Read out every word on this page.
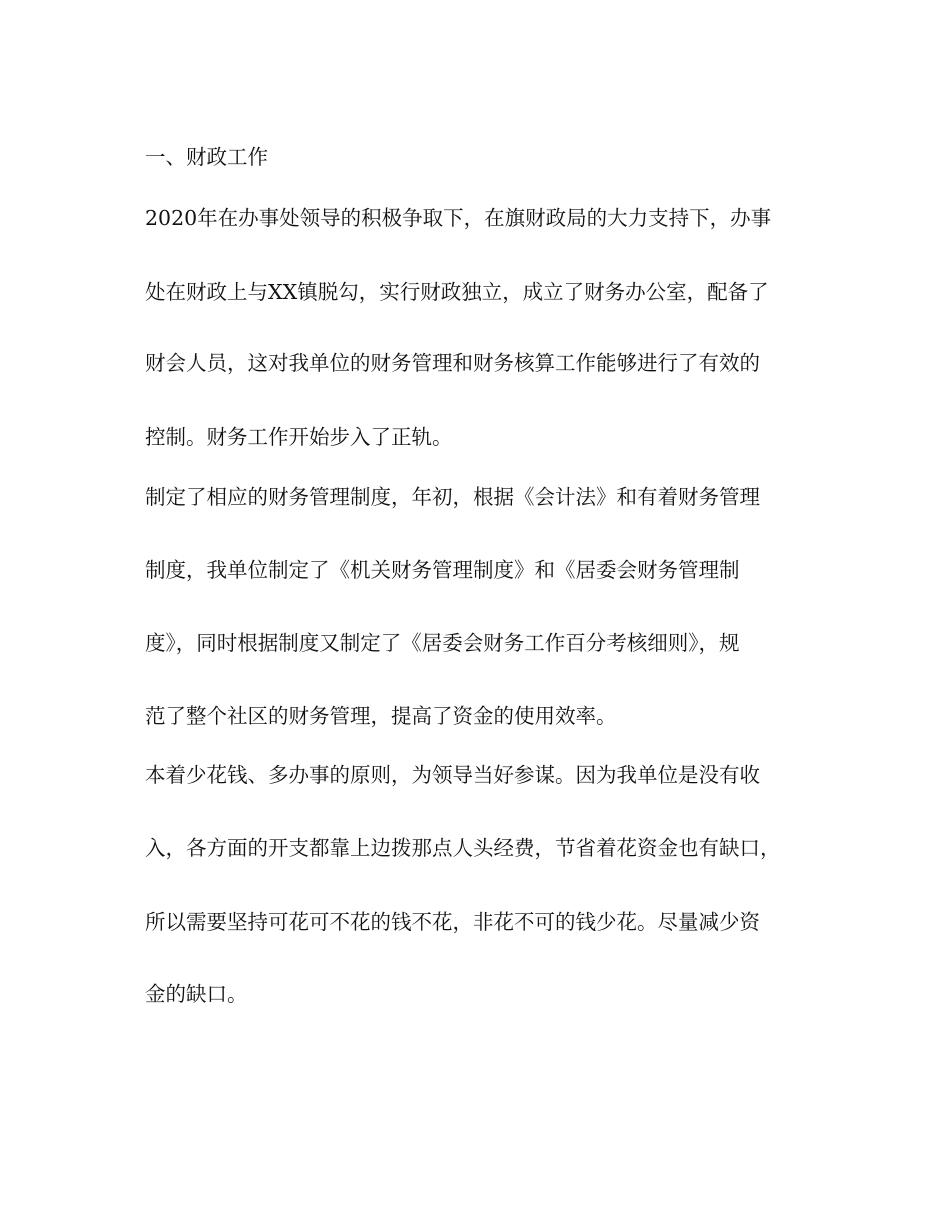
一、财政工作
2020年在办事处领导的积极争取下，在旗财政局的大力支持下，办事
处在财政上与XX镇脱勾，实行财政独立，成立了财务办公室，配备了
财会人员，这对我单位的财务管理和财务核算工作能够进行了有效的
控制。财务工作开始步入了正轨。
制定了相应的财务管理制度，年初，根据《会计法》和有着财务管理
制度，我单位制定了《机关财务管理制度》和《居委会财务管理制
度》，同时根据制度又制定了《居委会财务工作百分考核细则》，规
范了整个社区的财务管理，提高了资金的使用效率。
本着少花钱、多办事的原则，为领导当好参谋。因为我单位是没有收
入，各方面的开支都靠上边拨那点人头经费，节省着花资金也有缺口，
所以需要坚持可花可不花的钱不花，非花不可的钱少花。尽量减少资
金的缺口。
